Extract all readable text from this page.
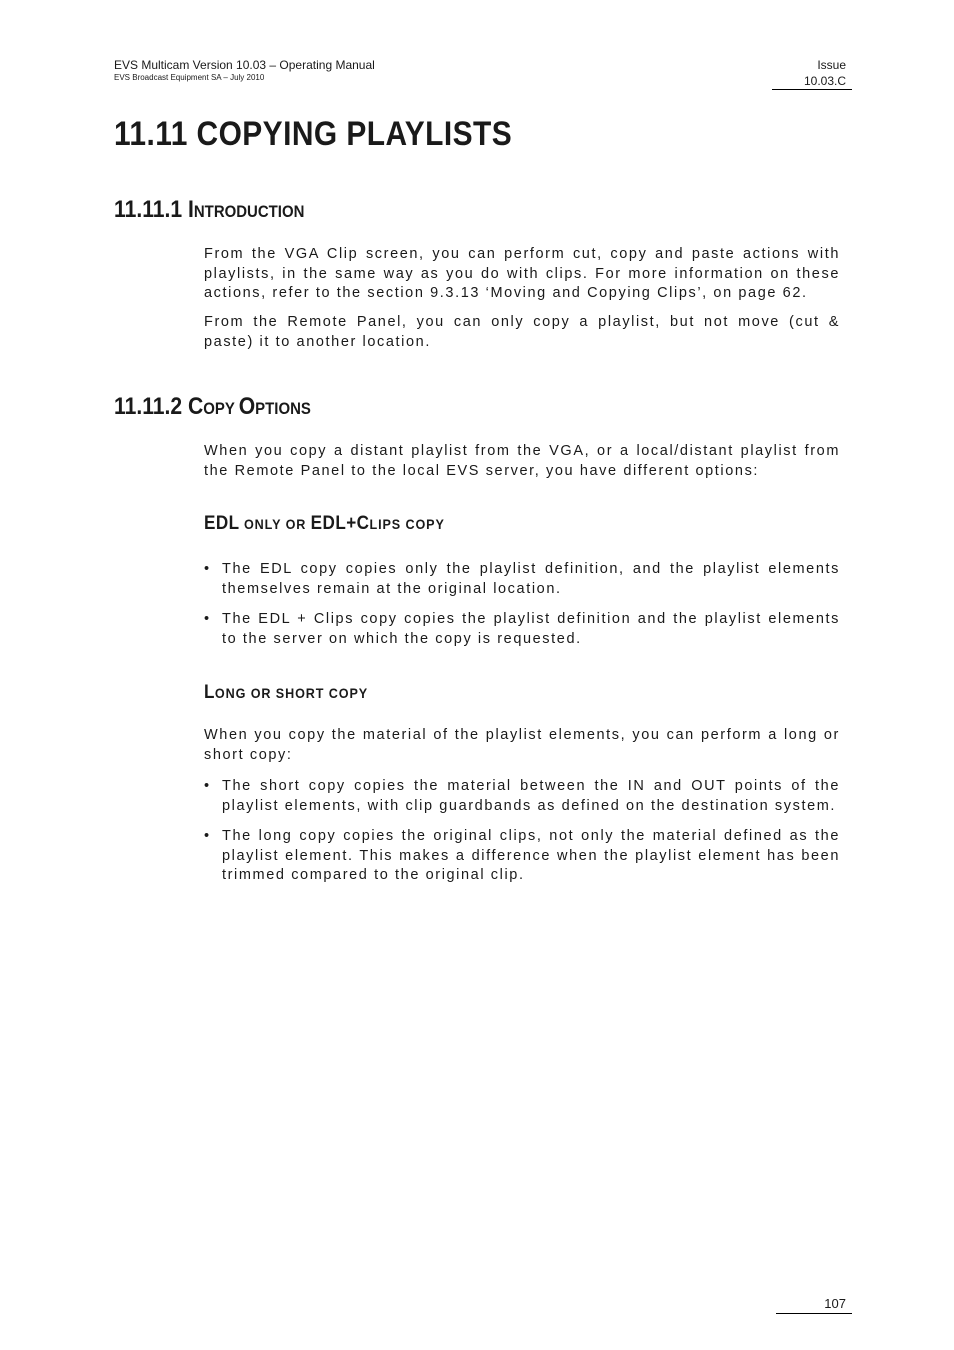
EVS Multicam Version 10.03 – Operating Manual
EVS Broadcast Equipment SA – July 2010
Issue
10.03.C
11.11 COPYING PLAYLISTS
11.11.1 INTRODUCTION

From the VGA Clip screen, you can perform cut, copy and paste actions with playlists, in the same way as you do with clips. For more information on these actions, refer to the section 9.3.13 ‘Moving and Copying Clips’, on page 62.

From the Remote Panel, you can only copy a playlist, but not move (cut & paste) it to another location.

11.11.2 COPY OPTIONS

When you copy a distant playlist from the VGA, or a local/distant playlist from the Remote Panel to the local EVS server, you have different options:

EDL ONLY OR EDL+CLIPS COPY
• The EDL copy copies only the playlist definition, and the playlist elements themselves remain at the original location.
• The EDL + Clips copy copies the playlist definition and the playlist elements to the server on which the copy is requested.
LONG OR SHORT COPY

When you copy the material of the playlist elements, you can perform a long or short copy:

• The short copy copies the material between the IN and OUT points of the playlist elements, with clip guardbands as defined on the destination system.
• The long copy copies the original clips, not only the material defined as the playlist element. This makes a difference when the playlist element has been trimmed compared to the original clip.
107
